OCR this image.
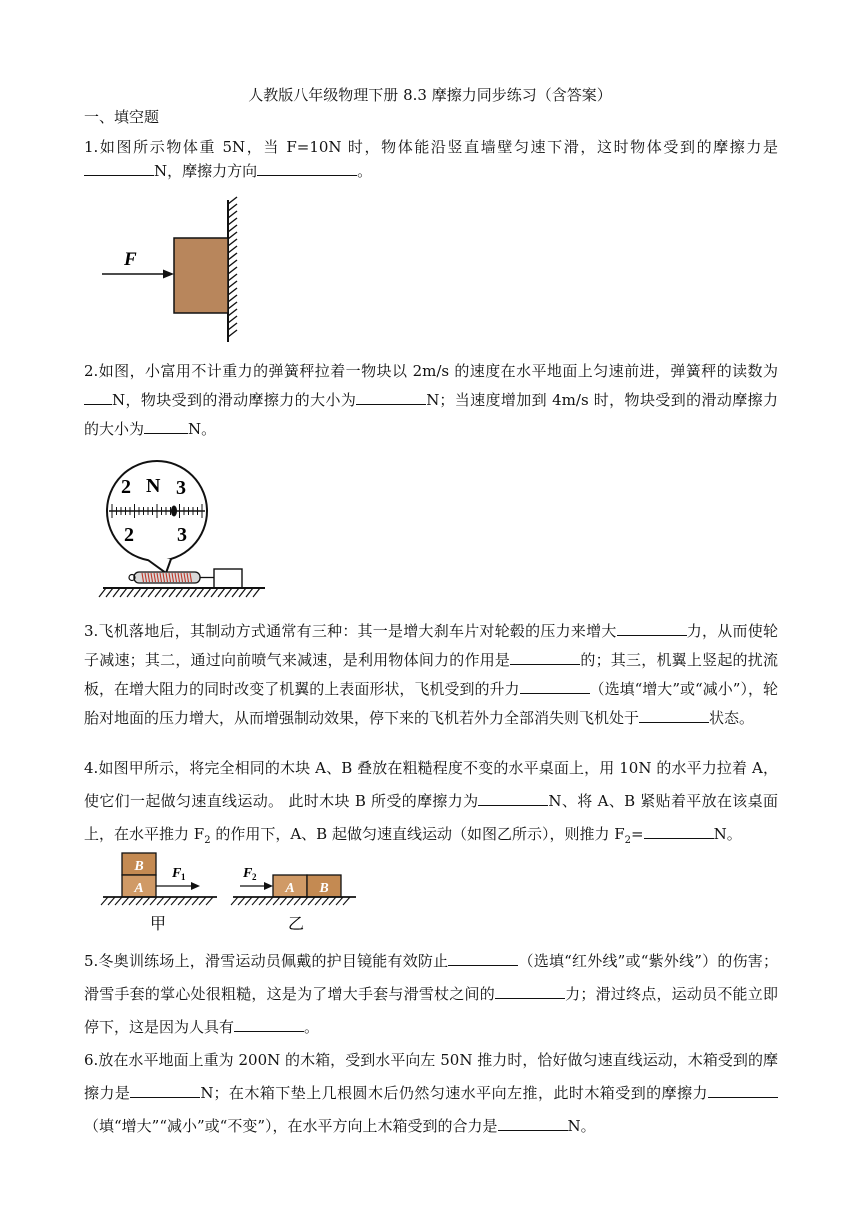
人教版八年级物理下册 8.3 摩擦力同步练习（含答案）
一、填空题

1.如图所示物体重 5N，当 F=10N 时，物体能沿竖直墙壁匀速下滑，这时物体受到的摩擦力是N，摩擦力方向	。

F

2.如图，小富用不计重力的弹簧秤拉着一物块以 2m/s 的速度在水平地面上匀速前进，弹簧秤的读数为N，物块受到的滑动摩擦力的大小为	N；当速度增加到 4m/s 时，物块受到的滑动摩擦力的大小为	N。

2 N 3
2 3

3.飞机落地后，其制动方式通常有三种：其一是增大刹车片对轮毂的压力来增大	力，从而使轮子减速；其二，通过向前喷气来减速，是利用物体间力的作用是	的；其三，机翼上竖起的扰流板，在增大阻力的同时改变了机翼的上表面形状，飞机受到的升力	（选填“增大”或“减小”），轮胎对地面的压力增大，从而增强制动效果，停下来的飞机若外力全部消失则飞机处于	状态。

4.如图甲所示，将完全相同的木块 A、B 叠放在粗糙程度不变的水平桌面上，用 10N 的水平力拉着 A，使它们一起做匀速直线运动。 此时木块 B 所受的摩擦力为	N、将 A、B 紧贴着平放在该桌面上，在水平推力 $F_2$ 的作用下，A、B 起做匀速直线运动（如图乙所示），则推力 $F_2=$	N。

B
A
F 1
甲
A B
F 2
乙

5.冬奥训练场上，滑雪运动员佩戴的护目镜能有效防止	（选填“红外线”或“紫外线”）的伤害；滑雪手套的掌心处很粗糙，这是为了增大手套与滑雪杖之间的	力；滑过终点，运动员不能立即停下，这是因为人具有	。

6.放在水平地面上重为 200N 的木箱，受到水平向左 50N 推力时，恰好做匀速直线运动，木箱受到的摩擦力是	N；在木箱下垫上几根圆木后仍然匀速水平向左推，此时木箱受到的摩擦力（填“增大”“减小”或“不变”），在水平方向上木箱受到的合力是	N。
